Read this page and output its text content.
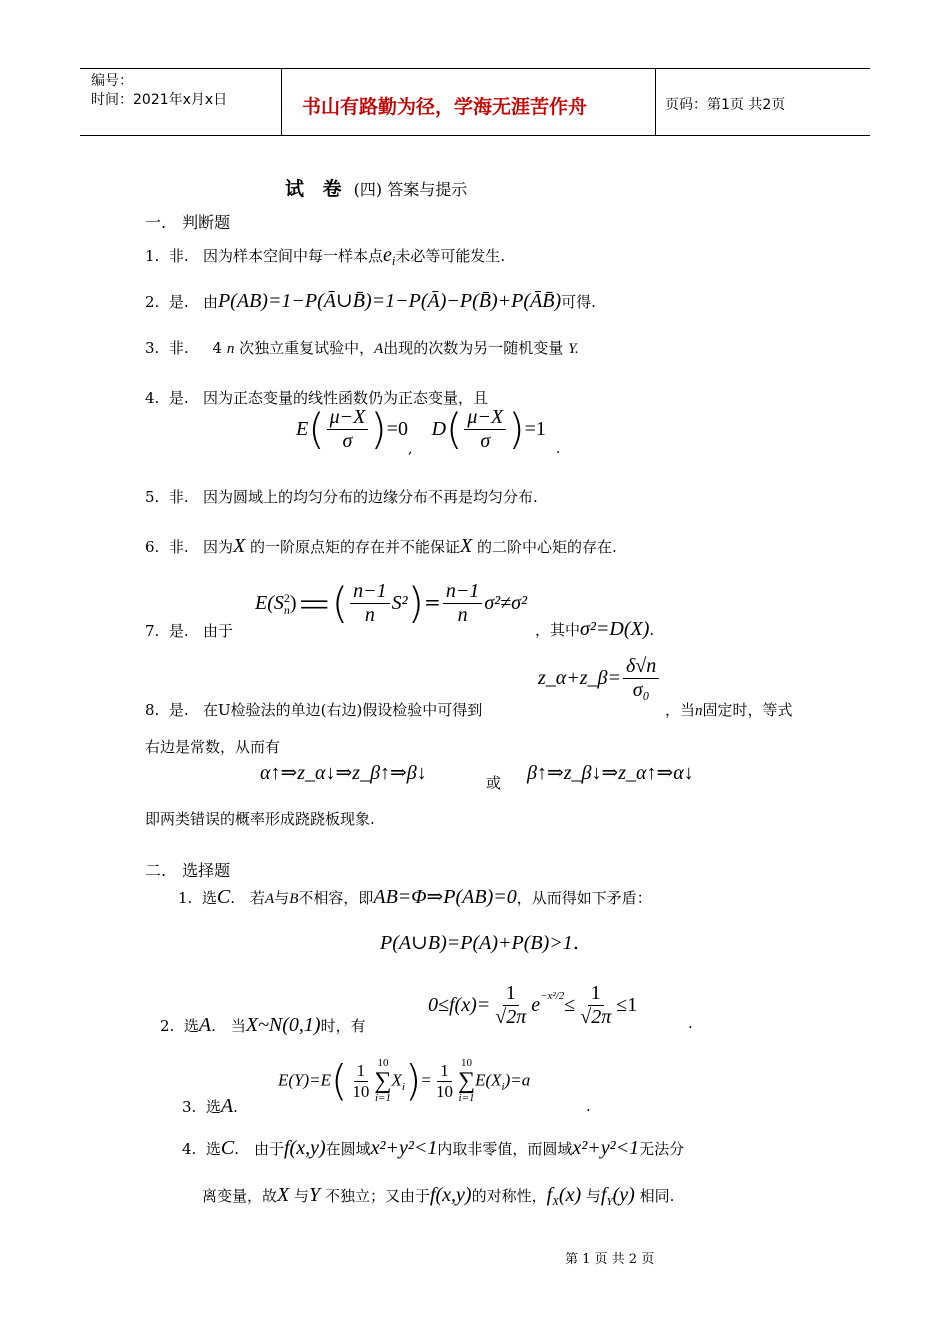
编号：
时间：2021年x月x日	书山有路勤为径，学海无涯苦作舟	页码：第1页 共2页
试 卷 (四) 答案与提示
一.　判断题
1. 非. 因为样本空间中每一样本点$e_i$未必等可能发生.
2. 是. 由P(AB)=1−P(Ā∪B̄)=1−P(Ā)−P(B̄)+P(ĀB̄)可得.
3. 非. 4 n 次独立重复试验中，A出现的次数为另一随机变量 Y.
4. 是. 因为正态变量的线性函数仍为正态变量，且
$E( \frac{\mu-X}{\sigma} )=0_,$   $D( \frac{\mu-X}{\sigma} )=1_.$
5. 非. 因为圆域上的均匀分布的边缘分布不再是均匀分布.
6. 非. 因为X 的一阶原点矩的存在并不能保证X 的二阶中心矩的存在.
7. 是. 由于
E(S 2
n )=( $\frac{n-1}{n} S^2)= \frac{n-1}{n} \sigma^2\ne\sigma^2$
，其中σ²=D(X).
z_α+z_β= $\frac{\delta√n}{\text{σ₀}}$
8. 是. 在U检验法的单边(右边)假设检验中可得到	，当n固定时，等式
右边是常数，从而有
α↑⇒z_α↓⇒z_β↑⇒β↓	或 β↑⇒z_β↓⇒z_α↑⇒α↓
即两类错误的概率形成跷跷板现象.
二.　选择题
1. 选C.　若A与B不相容，即AB=Φ⇒P(AB)=0，从而得如下矛盾：
P(A∪B)=P(A)+P(B)>1.
2. 选A.　当X~N(0,1)时，有
$0\le f(x)= \frac{1}{√2\pi} e^{-x^2/2}\le \frac{1}{√2\pi} \le 1$
.
3. 选A.
$E(Y)=E( \frac{1}{10} 10$
∑
i=1
$X_i)= \frac{1}{10} 10$
∑
i=1
$E(X_i)=a$
.
4. 选C.　由于f(x,y)在圆域x²+y²<1内取非零值，而圆域x²+y²<1无法分
离变量，故X 与Y 不独立；又由于f(x,y)的对称性，$f_X(x)$ 与$f_Y(y)$ 相同.
第 1 页 共 2 页
